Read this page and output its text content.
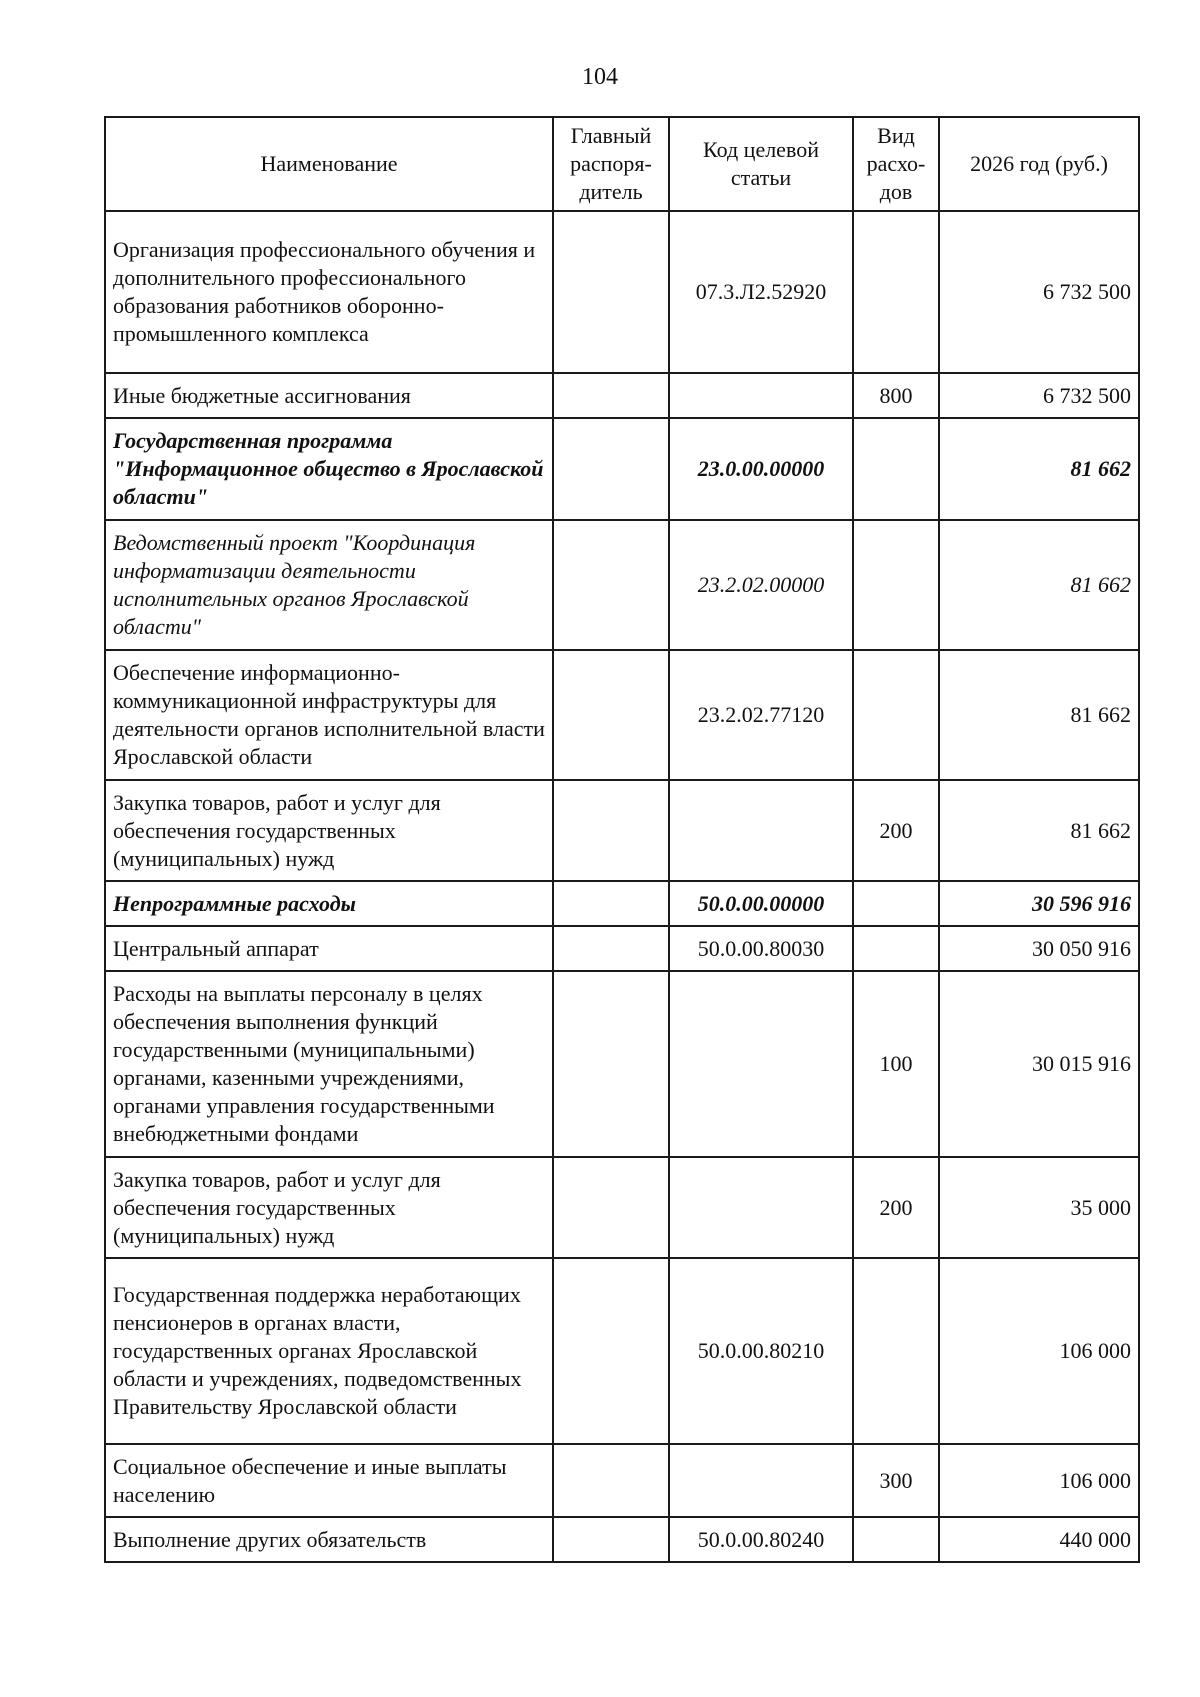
104
Наименование	Главный распоря- дитель	Код целевой статьи	Вид расхо- дов	2026 год (руб.)
Организация профессионального обучения и дополнительного профессионального образования работников оборонно-промышленного комплекса		07.3.Л2.52920		6 732 500
Иные бюджетные ассигнования			800	6 732 500
Государственная программа "Информационное общество в Ярославской области"		23.0.00.00000		81 662
Ведомственный проект "Координация информатизации деятельности исполнительных органов Ярославской области"		23.2.02.00000		81 662
Обеспечение информационно-коммуникационной инфраструктуры для деятельности органов исполнительной власти Ярославской области		23.2.02.77120		81 662
Закупка товаров, работ и услуг для обеспечения государственных (муниципальных) нужд			200	81 662
Непрограммные расходы		50.0.00.00000		30 596 916
Центральный аппарат		50.0.00.80030		30 050 916
Расходы на выплаты персоналу в целях обеспечения выполнения функций государственными (муниципальными) органами, казенными учреждениями, органами управления государственными внебюджетными фондами			100	30 015 916
Закупка товаров, работ и услуг для обеспечения государственных (муниципальных) нужд			200	35 000
Государственная поддержка неработающих пенсионеров в органах власти, государственных органах Ярославской области и учреждениях, подведомственных Правительству Ярославской области		50.0.00.80210		106 000
Социальное обеспечение и иные выплаты населению			300	106 000
Выполнение других обязательств		50.0.00.80240		440 000
